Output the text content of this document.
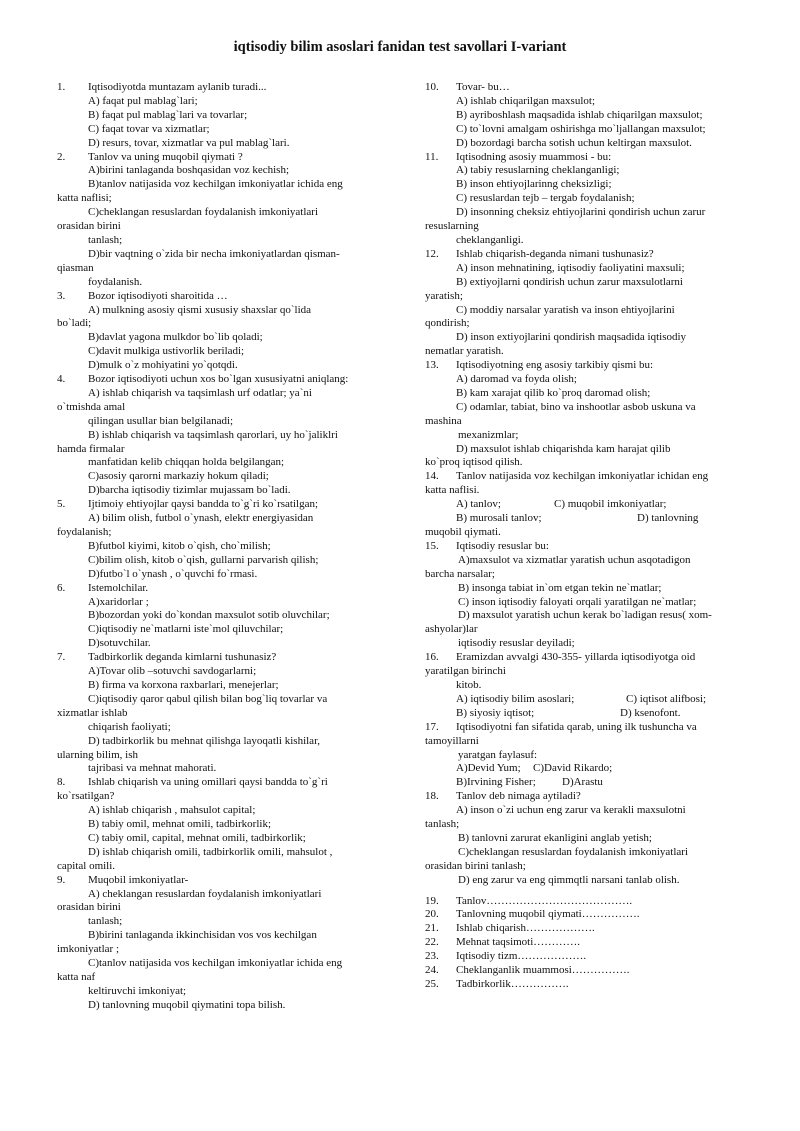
iqtisodiy bilim asoslari fanidan test savollari I-variant
1. Iqtisodiyotda muntazam aylanib turadi...
A) faqat pul mablag`lari;
B) faqat pul mablag`lari va tovarlar;
C) faqat tovar va xizmatlar;
D) resurs, tovar, xizmatlar va pul mablag`lari.
2. Tanlov va uning muqobil qiymati ?
A)birini tanlaganda boshqasidan voz kechish;
B)tanlov natijasida voz kechilgan imkoniyatlar ichida eng
katta naflisi;
C)cheklangan resuslardan foydalanish imkoniyatlari
orasidan birini
tanlash;
D)bir vaqtning o`zida bir necha imkoniyatlardan qisman-
qiasman
foydalanish.
3. Bozor iqtisodiyoti sharoitida …
A) mulkning asosiy qismi xususiy shaxslar qo`lida
bo`ladi;
B)davlat yagona mulkdor bo`lib qoladi;
C)davit mulkiga ustivorlik beriladi;
D)mulk o`z mohiyatini yo`qotqdi.
4. Bozor iqtisodiyoti uchun xos bo`lgan xususiyatni aniqlang:
A) ishlab chiqarish va taqsimlash urf odatlar; ya`ni
o`tmishda amal
qilingan usullar bian belgilanadi;
B) ishlab chiqarish va taqsimlash qarorlari, uy ho`jaliklri
hamda firmalar
manfatidan kelib chiqqan holda belgilangan;
C)asosiy qarorni markaziy hokum qiladi;
D)barcha iqtisodiy tizimlar mujassam bo`ladi.
5. Ijtimoiy ehtiyojlar qaysi bandda to`g`ri ko`rsatilgan;
A) bilim olish, futbol o`ynash, elektr energiyasidan
foydalanish;
B)futbol kiyimi, kitob o`qish, cho`milish;
C)bilim olish, kitob o`qish, gullarni parvarish qilish;
D)futbo`l o`ynash , o`quvchi fo`rmasi.
6. Istemolchilar.
A)xaridorlar ;
B)bozordan yoki do`kondan maxsulot sotib oluvchilar;
C)iqtisodiy ne`matlarni iste`mol qiluvchilar;
D)sotuvchilar.
7. Tadbirkorlik deganda kimlarni tushunasiz?
A)Tovar olib –sotuvchi savdogarlarni;
B) firma va korxona raxbarlari, menejerlar;
C)iqtisodiy qaror qabul qilish bilan bog`liq tovarlar va
xizmatlar ishlab
chiqarish faoliyati;
D) tadbirkorlik bu mehnat qilishga layoqatli kishilar,
ularning bilim, ish
tajribasi va mehnat mahorati.
8. Ishlab chiqarish va uning omillari qaysi bandda to`g`ri
ko`rsatilgan?
A) ishlab chiqarish , mahsulot capital;
B) tabiy omil, mehnat omili, tadbirkorlik;
C) tabiy omil, capital, mehnat omili, tadbirkorlik;
D) ishlab chiqarish omili, tadbirkorlik omili, mahsulot ,
capital omili.
9. Muqobil imkoniyatlar-
A) cheklangan resuslardan foydalanish imkoniyatlari
orasidan birini
tanlash;
B)birini tanlaganda ikkinchisidan vos vos kechilgan
imkoniyatlar ;
C)tanlov natijasida vos kechilgan imkoniyatlar ichida eng
katta naf
keltiruvchi imkoniyat;
D) tanlovning muqobil qiymatini topa bilish.
10. Tovar- bu…
A) ishlab chiqarilgan maxsulot;
B) ayriboshlash maqsadida ishlab chiqarilgan maxsulot;
C) to`lovni amalgam oshirishga mo`ljallangan maxsulot;
D) bozordagi barcha sotish uchun keltirgan maxsulot.
11. Iqtisodning asosiy muammosi - bu:
A) tabiy resuslarning cheklanganligi;
B) inson ehtiyojlarinng cheksizligi;
C) resuslardan tejb – tergab foydalanish;
D) insonning cheksiz ehtiyojlarini qondirish uchun zarur
resuslarning
cheklanganligi.
12. Ishlab chiqarish-deganda nimani tushunasiz?
A) inson mehnatining, iqtisodiy faoliyatini maxsuli;
B) extiyojlarni qondirish uchun zarur maxsulotlarni
yaratish;
C) moddiy narsalar yaratish va inson ehtiyojlarini
qondirish;
D) inson extiyojlarini qondirish maqsadida iqtisodiy
nematlar yaratish.
13. Iqtisodiyotning eng asosiy tarkibiy qismi bu:
A) daromad va foyda olish;
B) kam xarajat qilib ko`proq daromad olish;
C) odamlar, tabiat, bino va inshootlar asbob uskuna va
mashina
mexanizmlar;
D) maxsulot ishlab chiqarishda kam harajat qilib
ko`proq iqtisod qilish.
14. Tanlov natijasida voz kechilgan imkoniyatlar ichidan eng
katta naflisi.
A) tanlov;	C) muqobil imkoniyatlar;
B) murosali tanlov;	D) tanlovning
muqobil qiymati.
15. Iqtisodiy resuslar bu:
A)maxsulot va xizmatlar yaratish uchun asqotadigon
barcha narsalar;
B) insonga tabiat in`om etgan tekin ne`matlar;
C) inson iqtisodiy faloyati orqali yaratilgan ne`matlar;
D) maxsulot yaratish uchun kerak bo`ladigan resus( xom-
ashyolar)lar
iqtisodiy resuslar deyiladi;
16. Eramizdan avvalgi 430-355- yillarda iqtisodiyotga oid
yaratilgan birinchi
kitob.
A) iqtisodiy bilim asoslari;	C) iqtisot alifbosi;
B) siyosiy iqtisot;	D) ksenofont.
17. Iqtisodiyotni fan sifatida qarab, uning ilk tushuncha va
tamoyillarni
yaratgan faylasuf:
A)Devid Yum; C)David Rikardo;
B)Irvining Fisher; D)Arastu
18. Tanlov deb nimaga aytiladi?
A) inson o`zi uchun eng zarur va kerakli maxsulotni
tanlash;
B) tanlovni zarurat ekanligini anglab yetish;
C)cheklangan resuslardan foydalanish imkoniyatlari
orasidan birini tanlash;
D) eng zarur va eng qimmqtli narsani tanlab olish.
19. Tanlov………………………………….
20. Tanlovning muqobil qiymati…………….
21. Ishlab chiqarish……………….
22. Mehnat taqsimoti………….
23. Iqtisodiy tizm……………….
24. Cheklanganlik muammosi…………….
25. Tadbirkorlik…………….
